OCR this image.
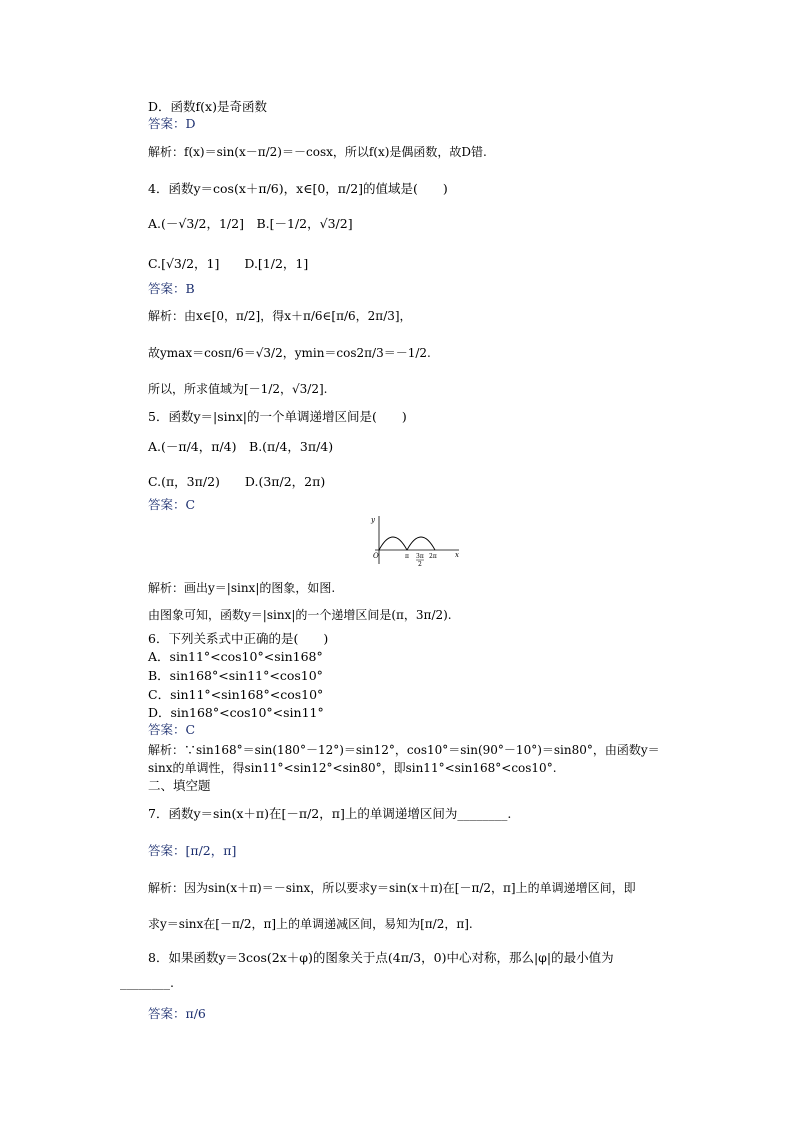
D．函数f(x)是奇函数
答案：D
解析：f(x)＝sin(x－π/2)＝－cosx，所以f(x)是偶函数，故D错.
4．函数y＝cos(x＋π/6)，x∈[0，π/2]的值域是(　　)
A.(－√3/2，1/2]　B.[－1/2，√3/2]
C.[√3/2，1]　　D.[1/2，1]
答案：B
解析：由x∈[0，π/2]，得x＋π/6∈[π/6，2π/3]，
故ymax＝cosπ/6＝√3/2，ymin＝cos2π/3＝－1/2.
所以，所求值域为[－1/2，√3/2].
5．函数y＝|sinx|的一个单调递增区间是(　　)
A.(－π/4，π/4)　B.(π/4，3π/4)
C.(π，3π/2)　　D.(3π/2，2π)
答案：C
y
x
O	π 3π
2
2π
解析：画出y＝|sinx|的图象，如图.
由图象可知，函数y＝|sinx|的一个递增区间是(π，3π/2).
6．下列关系式中正确的是(　　)
A．sin11°<cos10°<sin168°
B．sin168°<sin11°<cos10°
C．sin11°<sin168°<cos10°
D．sin168°<cos10°<sin11°
答案：C
解析：∵sin168°＝sin(180°－12°)＝sin12°，cos10°＝sin(90°－10°)＝sin80°，由函数y＝
sinx的单调性，得sin11°<sin12°<sin80°，即sin11°<sin168°<cos10°.
二、填空题
7．函数y＝sin(x＋π)在[－π/2，π]上的单调递增区间为________.
答案：[π/2，π]
解析：因为sin(x＋π)＝－sinx，所以要求y＝sin(x＋π)在[－π/2，π]上的单调递增区间，即
求y＝sinx在[－π/2，π]上的单调递减区间，易知为[π/2，π].
8．如果函数y＝3cos(2x＋φ)的图象关于点(4π/3，0)中心对称，那么|φ|的最小值为
________.
答案：π/6
